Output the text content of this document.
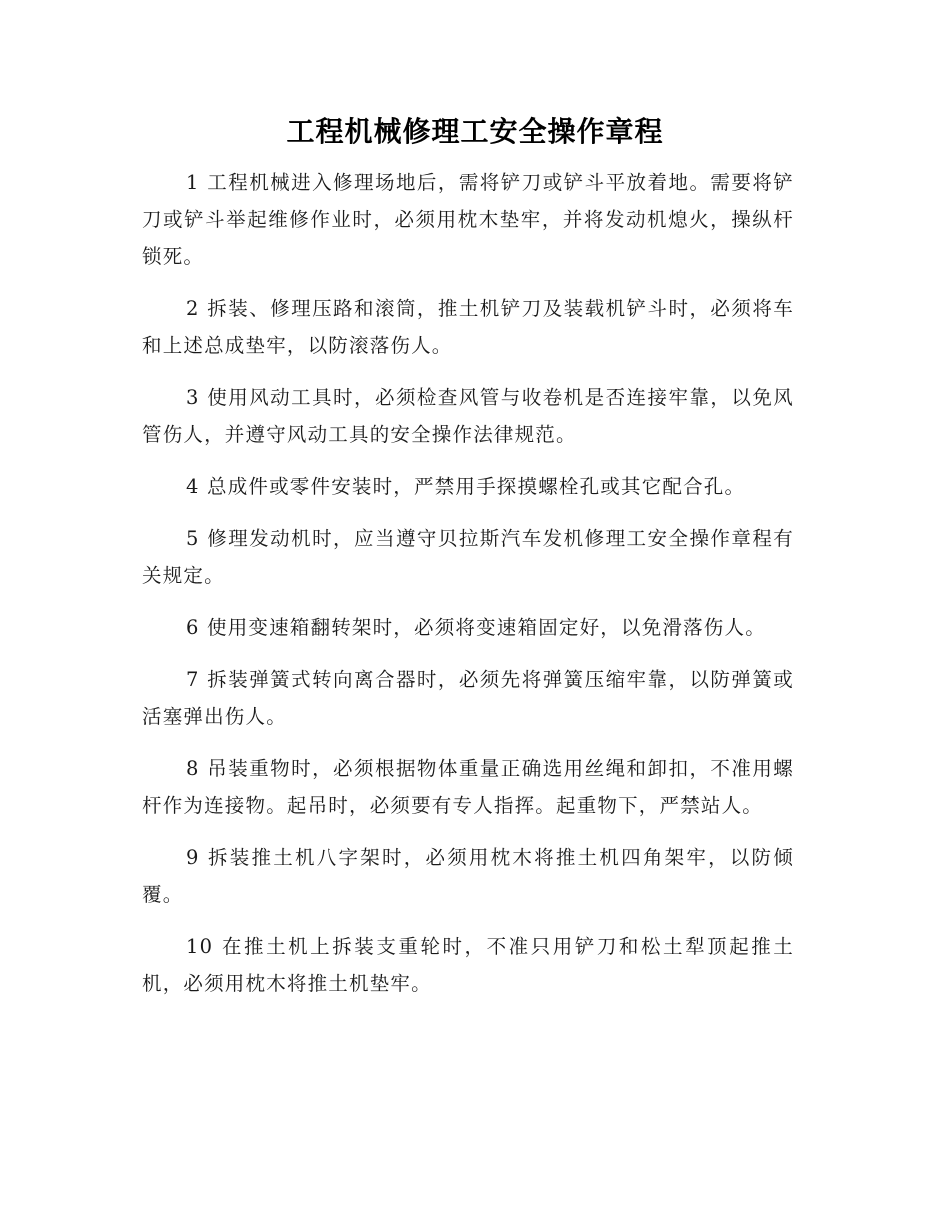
工程机械修理工安全操作章程

1 工程机械进入修理场地后，需将铲刀或铲斗平放着地。需要将铲刀或铲斗举起维修作业时，必须用枕木垫牢，并将发动机熄火，操纵杆锁死。

2 拆装、修理压路和滚筒，推土机铲刀及装载机铲斗时，必须将车和上述总成垫牢，以防滚落伤人。

3 使用风动工具时，必须检查风管与收卷机是否连接牢靠，以免风管伤人，并遵守风动工具的安全操作法律规范。

4 总成件或零件安装时，严禁用手探摸螺栓孔或其它配合孔。

5 修理发动机时，应当遵守贝拉斯汽车发机修理工安全操作章程有关规定。

6 使用变速箱翻转架时，必须将变速箱固定好，以免滑落伤人。

7 拆装弹簧式转向离合器时，必须先将弹簧压缩牢靠，以防弹簧或活塞弹出伤人。

8 吊装重物时，必须根据物体重量正确选用丝绳和卸扣，不准用螺杆作为连接物。起吊时，必须要有专人指挥。起重物下，严禁站人。

9 拆装推土机八字架时，必须用枕木将推土机四角架牢，以防倾覆。

10 在推土机上拆装支重轮时，不准只用铲刀和松土犁顶起推土机，必须用枕木将推土机垫牢。
